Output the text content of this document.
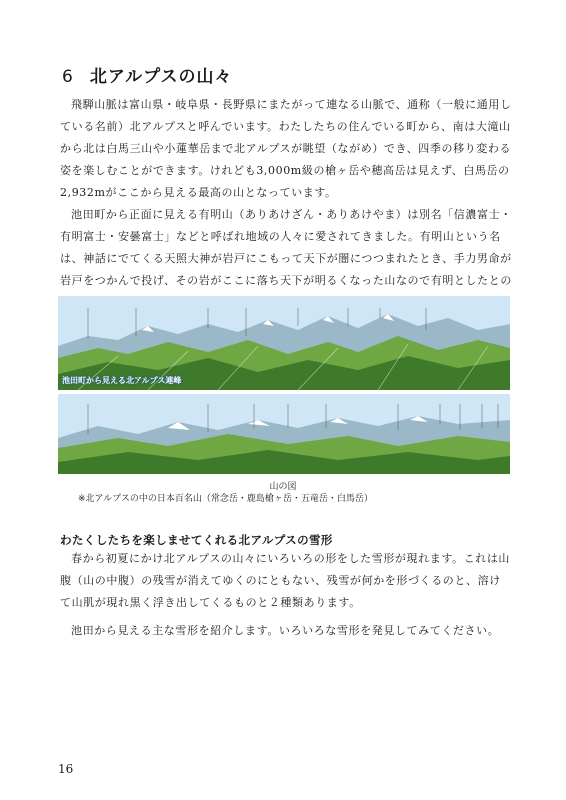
6 北アルプスの山々

飛騨山脈は富山県・岐阜県・長野県にまたがって連なる山脈で、通称（一般に通用している名前）北アルプスと呼んでいます。わたしたちの住んでいる町から、南は大滝山から北は白馬三山や小蓮華岳まで北アルプスが眺望（ながめ）でき、四季の移り変わる姿を楽しむことができます。けれども3,000m級の槍ヶ岳や穂高岳は見えず、白馬岳の2,932mがここから見える最高の山となっています。

池田町から正面に見える有明山（ありあけざん・ありあけやま）は別名「信濃富士・有明富士・安曇富士」などと呼ばれ地域の人々に愛されてきました。有明山という名は、神話にでてくる天照大神が岩戸にこもって天下が闇につつまれたとき、手力男命が岩戸をつかんで投げ、その岩がここに落ち天下が明るくなった山なので有明としたとの

池田町から見える北アルプス連峰
山の図
※北アルプスの中の日本百名山（常念岳・鹿島槍ヶ岳・五竜岳・白馬岳）
わたくしたちを楽しませてくれる北アルプスの雪形

春から初夏にかけ北アルプスの山々にいろいろの形をした雪形が現れます。これは山腹（山の中腹）の残雪が消えてゆくのにともない、残雪が何かを形づくるのと、溶けて山肌が現れ黒く浮き出してくるものと２種類あります。

池田から見える主な雪形を紹介します。いろいろな雪形を発見してみてください。

16
